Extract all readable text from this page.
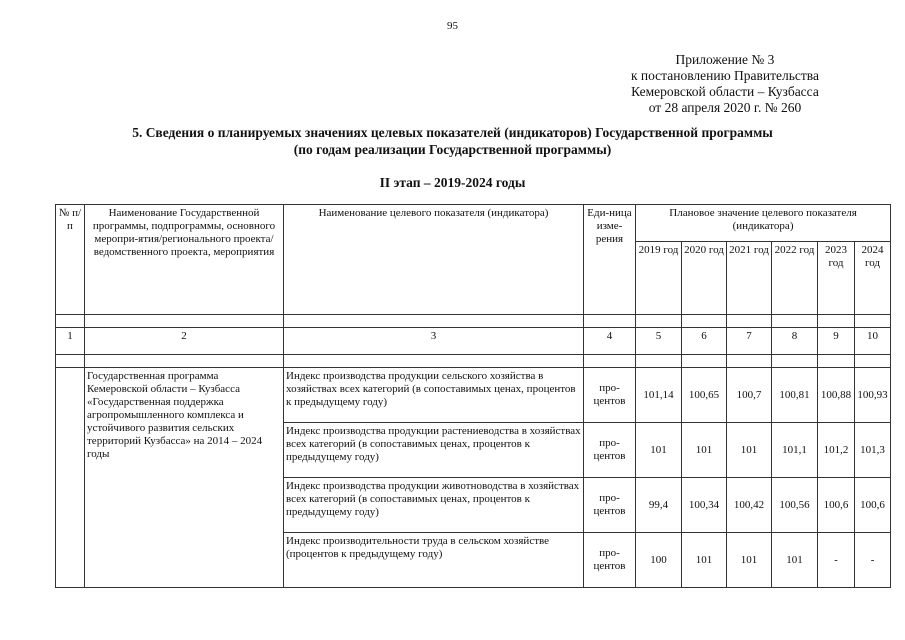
95
Приложение № 3
к постановлению Правительства
Кемеровской области – Кузбасса
от 28 апреля 2020 г. № 260
5. Сведения о планируемых значениях целевых показателей (индикаторов) Государственной программы
(по годам реализации Государственной программы)
II этап – 2019-2024 годы
№ п/п	Наименование Государственной программы, подпрограммы, основного меропри-ятия/регионального проекта/ведомственного проекта, мероприятия	Наименование целевого показателя (индикатора)	Еди-ница изме-рения	Плановое значение целевого показателя (индикатора)					
				2019 год	2020 год	2021 год	2022 год	2023 год	2024 год

1	2	3	4	5	6	7	8	9	10

	Государственная программа Кемеровской области – Кузбасса «Государственная поддержка агропромышленного комплекса и устойчивого развития сельских территорий Кузбасса» на 2014 – 2024 годы	Индекс производства продукции сельского хозяйства в хозяйствах всех категорий (в сопоставимых ценах, процентов к предыдущему году)	про-центов	101,14	100,65	100,7	100,81	100,88	100,93
		Индекс производства продукции растениеводства в хозяйствах всех категорий (в сопоставимых ценах, процентов к предыдущему году)	про-центов	101	101	101	101,1	101,2	101,3
		Индекс производства продукции животноводства в хозяйствах всех категорий (в сопоставимых ценах, процентов к предыдущему году)	про-центов	99,4	100,34	100,42	100,56	100,6	100,6
		Индекс производительности труда в сельском хозяйстве (процентов к предыдущему году)	про-центов	100	101	101	101	-	-
